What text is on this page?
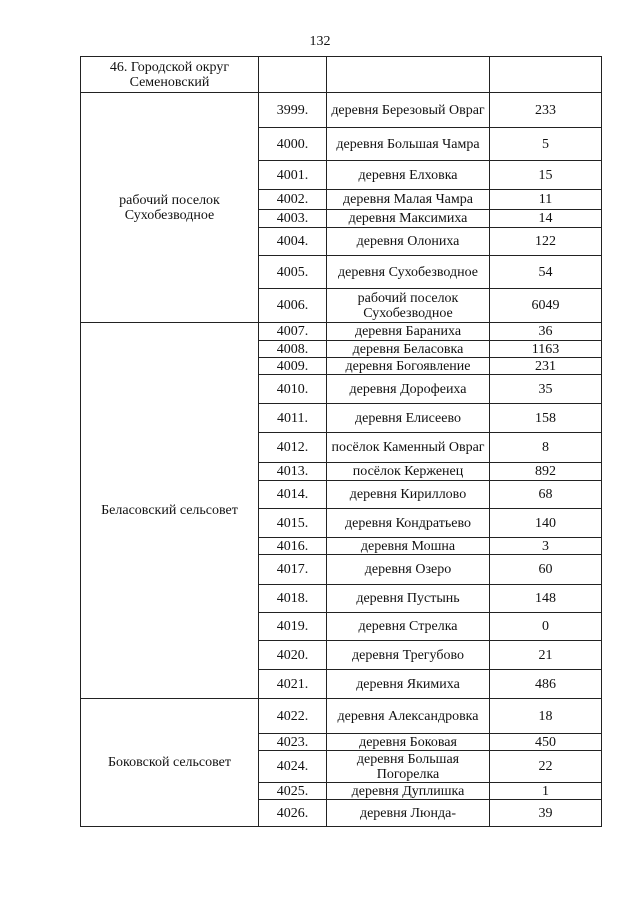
132
46. Городской округ Семеновский			
рабочий поселок Сухобезводное	3999.	деревня Березовый Овраг	233
	4000.	деревня Большая Чамра	5
	4001.	деревня Елховка	15
	4002.	деревня Малая Чамра	11
	4003.	деревня Максимиха	14
	4004.	деревня Олониха	122
	4005.	деревня Сухобезводное	54
	4006.	рабочий поселок Сухобезводное	6049
Беласовский сельсовет	4007.	деревня Бараниха	36
	4008.	деревня Беласовка	1163
	4009.	деревня Богоявление	231
	4010.	деревня Дорофеиха	35
	4011.	деревня Елисеево	158
	4012.	посёлок Каменный Овраг	8
	4013.	посёлок Керженец	892
	4014.	деревня Кириллово	68
	4015.	деревня Кондратьево	140
	4016.	деревня Мошна	3
	4017.	деревня Озеро	60
	4018.	деревня Пустынь	148
	4019.	деревня Стрелка	0
	4020.	деревня Трегубово	21
	4021.	деревня Якимиха	486
Боковской сельсовет	4022.	деревня Александровка	18
	4023.	деревня Боковая	450
	4024.	деревня Большая Погорелка	22
	4025.	деревня Дуплишка	1
	4026.	деревня Люнда-	39
